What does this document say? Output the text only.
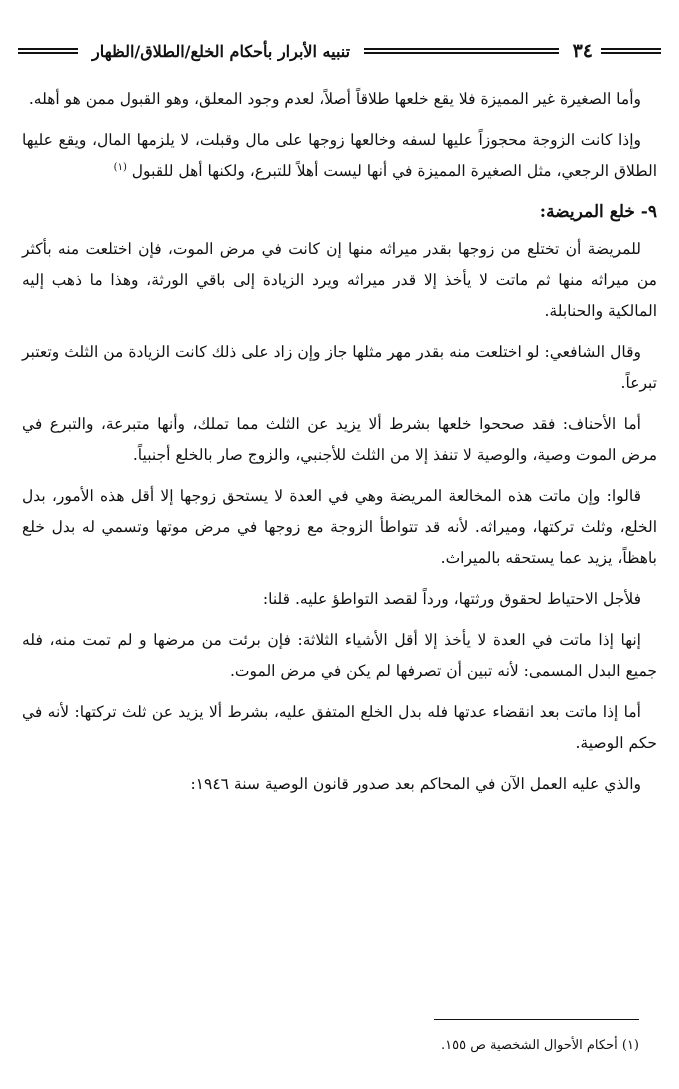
٣٤
تنبيه الأبرار بأحكام الخلع/الطلاق/الظهار

وأما الصغيرة غير المميزة فلا يقع خلعها طلاقاً أصلاً، لعدم وجود المعلق، وهو القبول ممن هو أهله.

وإذا كانت الزوجة محجوزاً عليها لسفه وخالعها زوجها على مال وقبلت، لا يلزمها المال، ويقع عليها الطلاق الرجعي، مثل الصغيرة المميزة في أنها ليست أهلاً للتبرع، ولكنها أهل للقبول $^{(١)}$

٩- خلع المريضة:

للمريضة أن تختلع من زوجها بقدر ميراثه منها إن كانت في مرض الموت، فإن اختلعت منه بأكثر من ميراثه منها ثم ماتت لا يأخذ إلا قدر ميراثه ويرد الزيادة إلى باقي الورثة، وهذا ما ذهب إليه المالكية والحنابلة.

وقال الشافعي: لو اختلعت منه بقدر مهر مثلها جاز وإن زاد على ذلك كانت الزيادة من الثلث وتعتبر تبرعاً.

أما الأحناف: فقد صححوا خلعها بشرط ألا يزيد عن الثلث مما تملك، وأنها متبرعة، والتبرع في مرض الموت وصية، والوصية لا تنفذ إلا من الثلث للأجنبي، والزوج صار بالخلع أجنبياً.

قالوا: وإن ماتت هذه المخالعة المريضة وهي في العدة لا يستحق زوجها إلا أقل هذه الأمور، بدل الخلع، وثلث تركتها، وميراثه. لأنه قد تتواطأ الزوجة مع زوجها في مرض موتها وتسمي له بدل خلع باهظاً، يزيد عما يستحقه بالميراث.

فلأجل الاحتياط لحقوق ورثتها، ورداً لقصد التواطؤ عليه. قلنا:

إنها إذا ماتت في العدة لا يأخذ إلا أقل الأشياء الثلاثة: فإن برئت من مرضها و لم تمت منه، فله جميع البدل المسمى: لأنه تبين أن تصرفها لم يكن في مرض الموت.

أما إذا ماتت بعد انقضاء عدتها فله بدل الخلع المتفق عليه، بشرط ألا يزيد عن ثلث تركتها: لأنه في حكم الوصية.

والذي عليه العمل الآن في المحاكم بعد صدور قانون الوصية سنة ١٩٤٦:

(١) أحكام الأحوال الشخصية ص ١٥٥.
